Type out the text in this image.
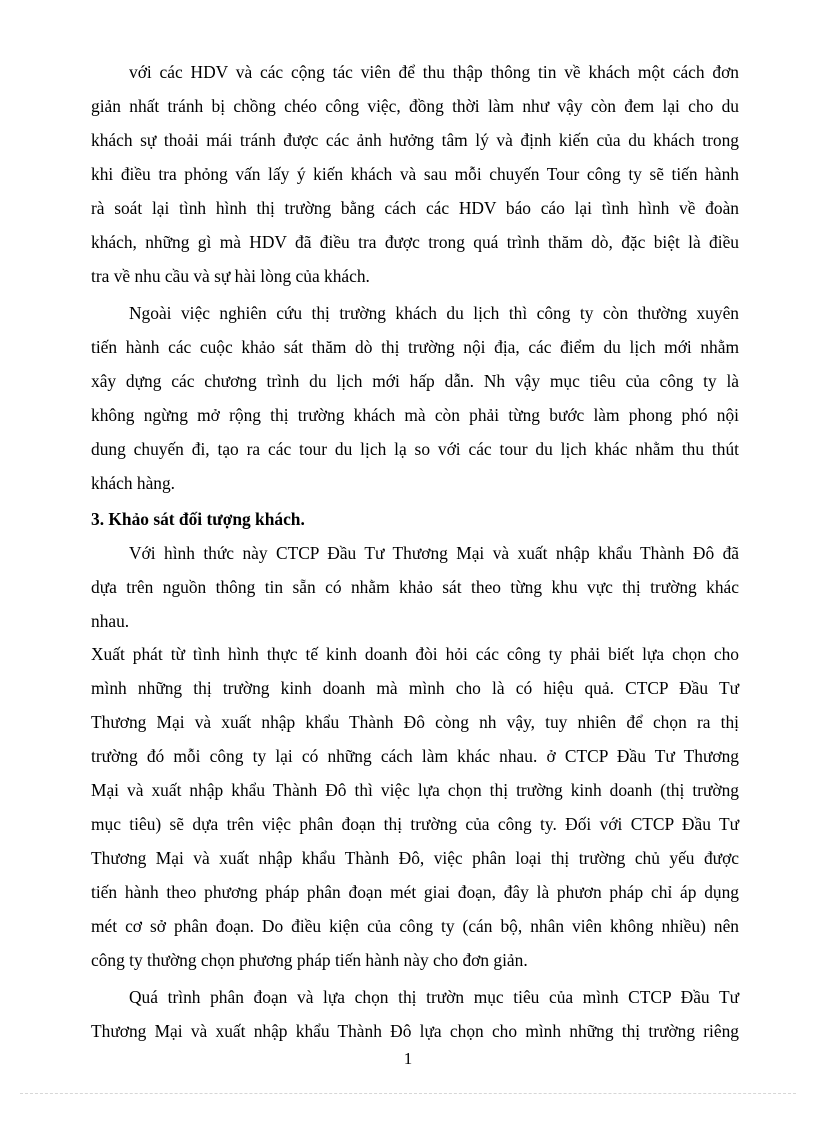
với các HDV và các cộng tác viên để thu thập thông tin về khách một cách đơn
giản nhất tránh bị chồng chéo công việc, đồng thời làm như vậy còn đem lại cho du
khách sự thoải mái tránh được các ảnh hưởng tâm lý và định kiến của du khách trong
khi điều tra phỏng vấn lấy ý kiến khách và sau mỗi chuyến Tour công ty sẽ tiến hành
rà soát lại tình hình thị trường bằng cách các HDV báo cáo lại tình hình về đoàn
khách, những gì mà HDV đã điều tra được trong quá trình thăm dò, đặc biệt là điều
tra về nhu cầu và sự hài lòng của khách.
Ngoài việc nghiên cứu thị trường khách du lịch thì công ty còn thường xuyên
tiến hành các cuộc khảo sát thăm dò thị trường nội địa, các điểm du lịch mới nhằm
xây dựng các chương trình du lịch mới hấp dẫn. Nh vậy mục tiêu của công ty là
không ngừng mở rộng thị trường khách mà còn phải từng bước làm phong phó nội
dung chuyến đi, tạo ra các tour du lịch lạ so với các tour du lịch khác nhằm thu thút
khách hàng.
3. Khảo sát đối tượng khách.
Với hình thức này CTCP Đầu Tư Thương Mại và xuất nhập khẩu Thành Đô đã
dựa trên nguồn thông tin sẵn có nhằm khảo sát theo từng khu vực thị trường khác
nhau.
Xuất phát từ tình hình thực tế kinh doanh đòi hỏi các công ty phải biết lựa chọn cho
mình những thị trường kinh doanh mà mình cho là có hiệu quả. CTCP Đầu Tư
Thương Mại và xuất nhập khẩu Thành Đô còng nh vậy, tuy nhiên để chọn ra thị
trường đó mỗi công ty lại có những cách làm khác nhau. ở CTCP Đầu Tư Thương
Mại và xuất nhập khẩu Thành Đô thì việc lựa chọn thị trường kinh doanh (thị trường
mục tiêu) sẽ dựa trên việc phân đoạn thị trường của công ty. Đối với CTCP Đầu Tư
Thương Mại và xuất nhập khẩu Thành Đô, việc phân loại thị trường chủ yếu được
tiến hành theo phương pháp phân đoạn mét giai đoạn, đây là phươn pháp chỉ áp dụng
mét cơ sở phân đoạn. Do điều kiện của công ty (cán bộ, nhân viên không nhiều) nên
công ty thường chọn phương pháp tiến hành này cho đơn giản.
Quá trình phân đoạn và lựa chọn thị trườn mục tiêu của mình CTCP Đầu Tư
Thương Mại và xuất nhập khẩu Thành Đô lựa chọn cho mình những thị trường riêng
1
